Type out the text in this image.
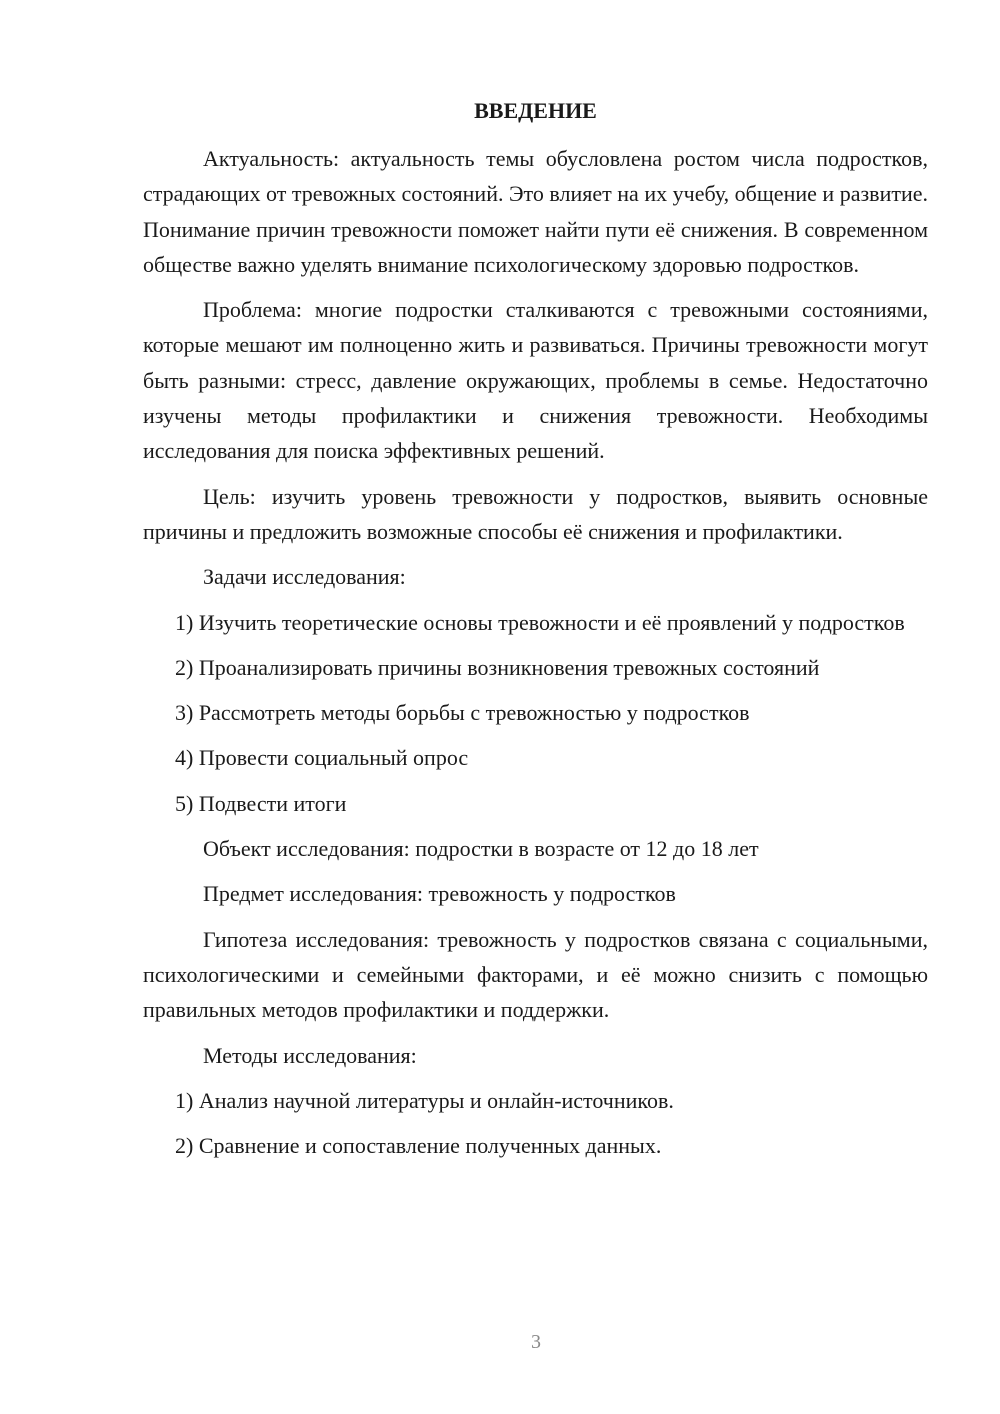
ВВЕДЕНИЕ

Актуальность: актуальность темы обусловлена ростом числа подростков, страдающих от тревожных состояний. Это влияет на их учебу, общение и развитие. Понимание причин тревожности поможет найти пути её снижения. В современном обществе важно уделять внимание психологическому здоровью подростков.

Проблема: многие подростки сталкиваются с тревожными состояниями, которые мешают им полноценно жить и развиваться. Причины тревожности могут быть разными: стресс, давление окружающих, проблемы в семье. Недостаточно изучены методы профилактики и снижения тревожности. Необходимы исследования для поиска эффективных решений.

Цель: изучить уровень тревожности у подростков, выявить основные причины и предложить возможные способы её снижения и профилактики.

Задачи исследования:

1) Изучить теоретические основы тревожности и её проявлений у подростков

2) Проанализировать причины возникновения тревожных состояний

3) Рассмотреть методы борьбы с тревожностью у подростков

4) Провести социальный опрос

5) Подвести итоги

Объект исследования: подростки в возрасте от 12 до 18 лет

Предмет исследования: тревожность у подростков

Гипотеза исследования: тревожность у подростков связана с социальными, психологическими и семейными факторами, и её можно снизить с помощью правильных методов профилактики и поддержки.

Методы исследования:

1) Анализ научной литературы и онлайн-источников.

2) Сравнение и сопоставление полученных данных.

3
